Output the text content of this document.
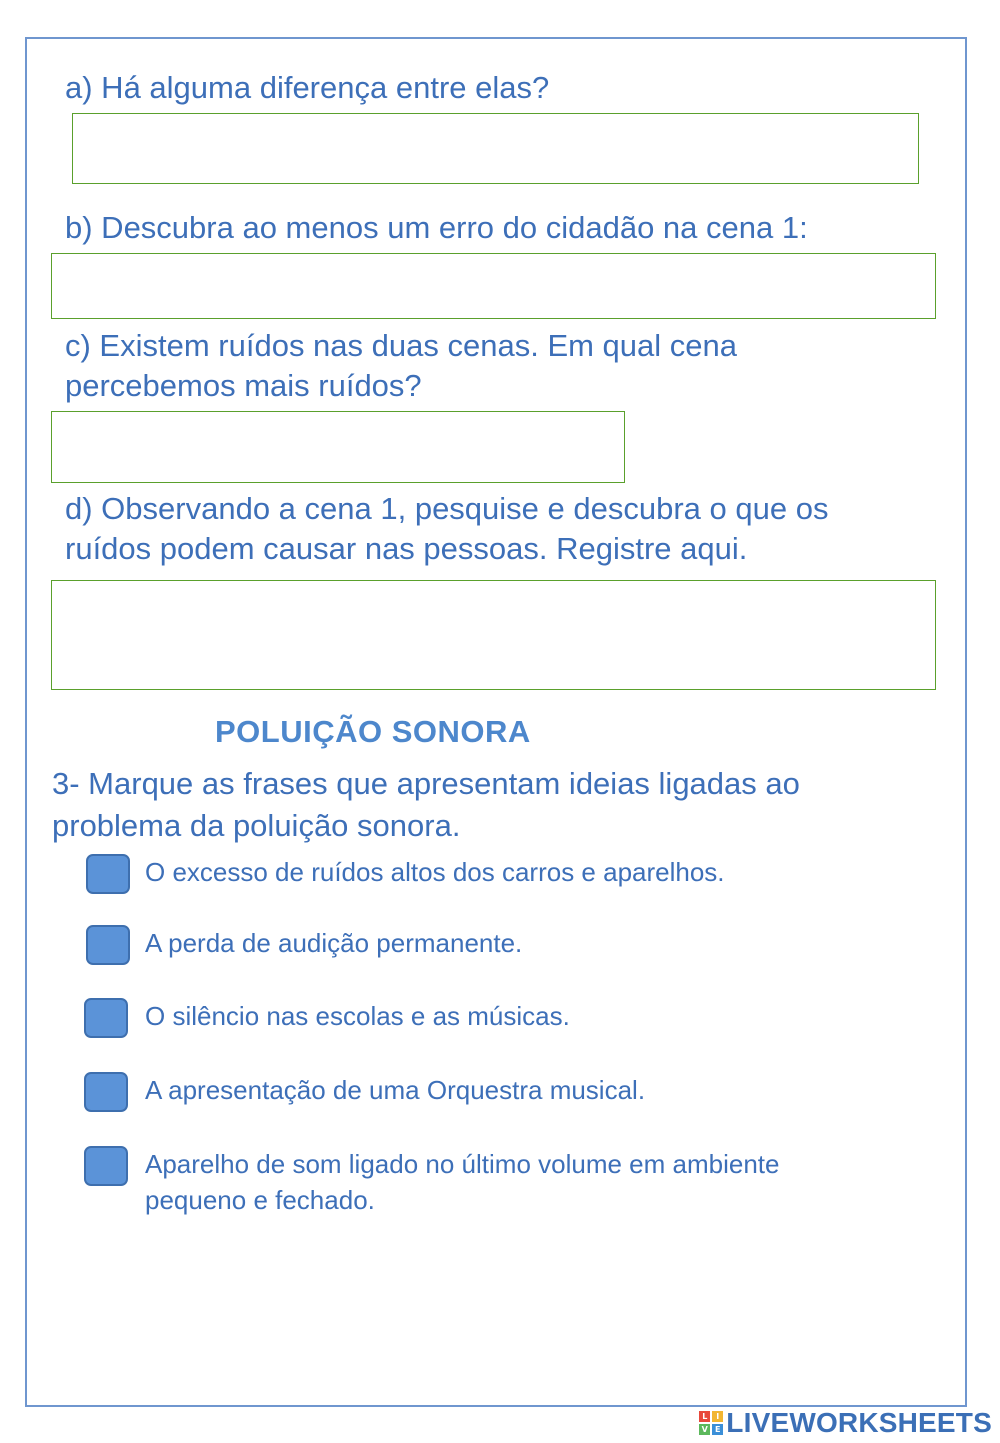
a) Há alguma diferença entre elas?

b) Descubra ao menos um erro do cidadão na cena 1:

c) Existem ruídos nas duas cenas. Em qual cena

percebemos mais ruídos?

d) Observando a cena 1, pesquise e descubra o que os

ruídos podem causar nas pessoas. Registre aqui.

POLUIÇÃO SONORA

3- Marque as frases que apresentam ideias ligadas ao

problema da poluição sonora.

O excesso de ruídos altos dos carros e aparelhos.
A perda de audição permanente.
O silêncio nas escolas e as músicas.
A apresentação de uma Orquestra musical.
Aparelho de som ligado no último volume em ambiente
pequeno e fechado.
L	I
V E LIVEWORKSHEETS
